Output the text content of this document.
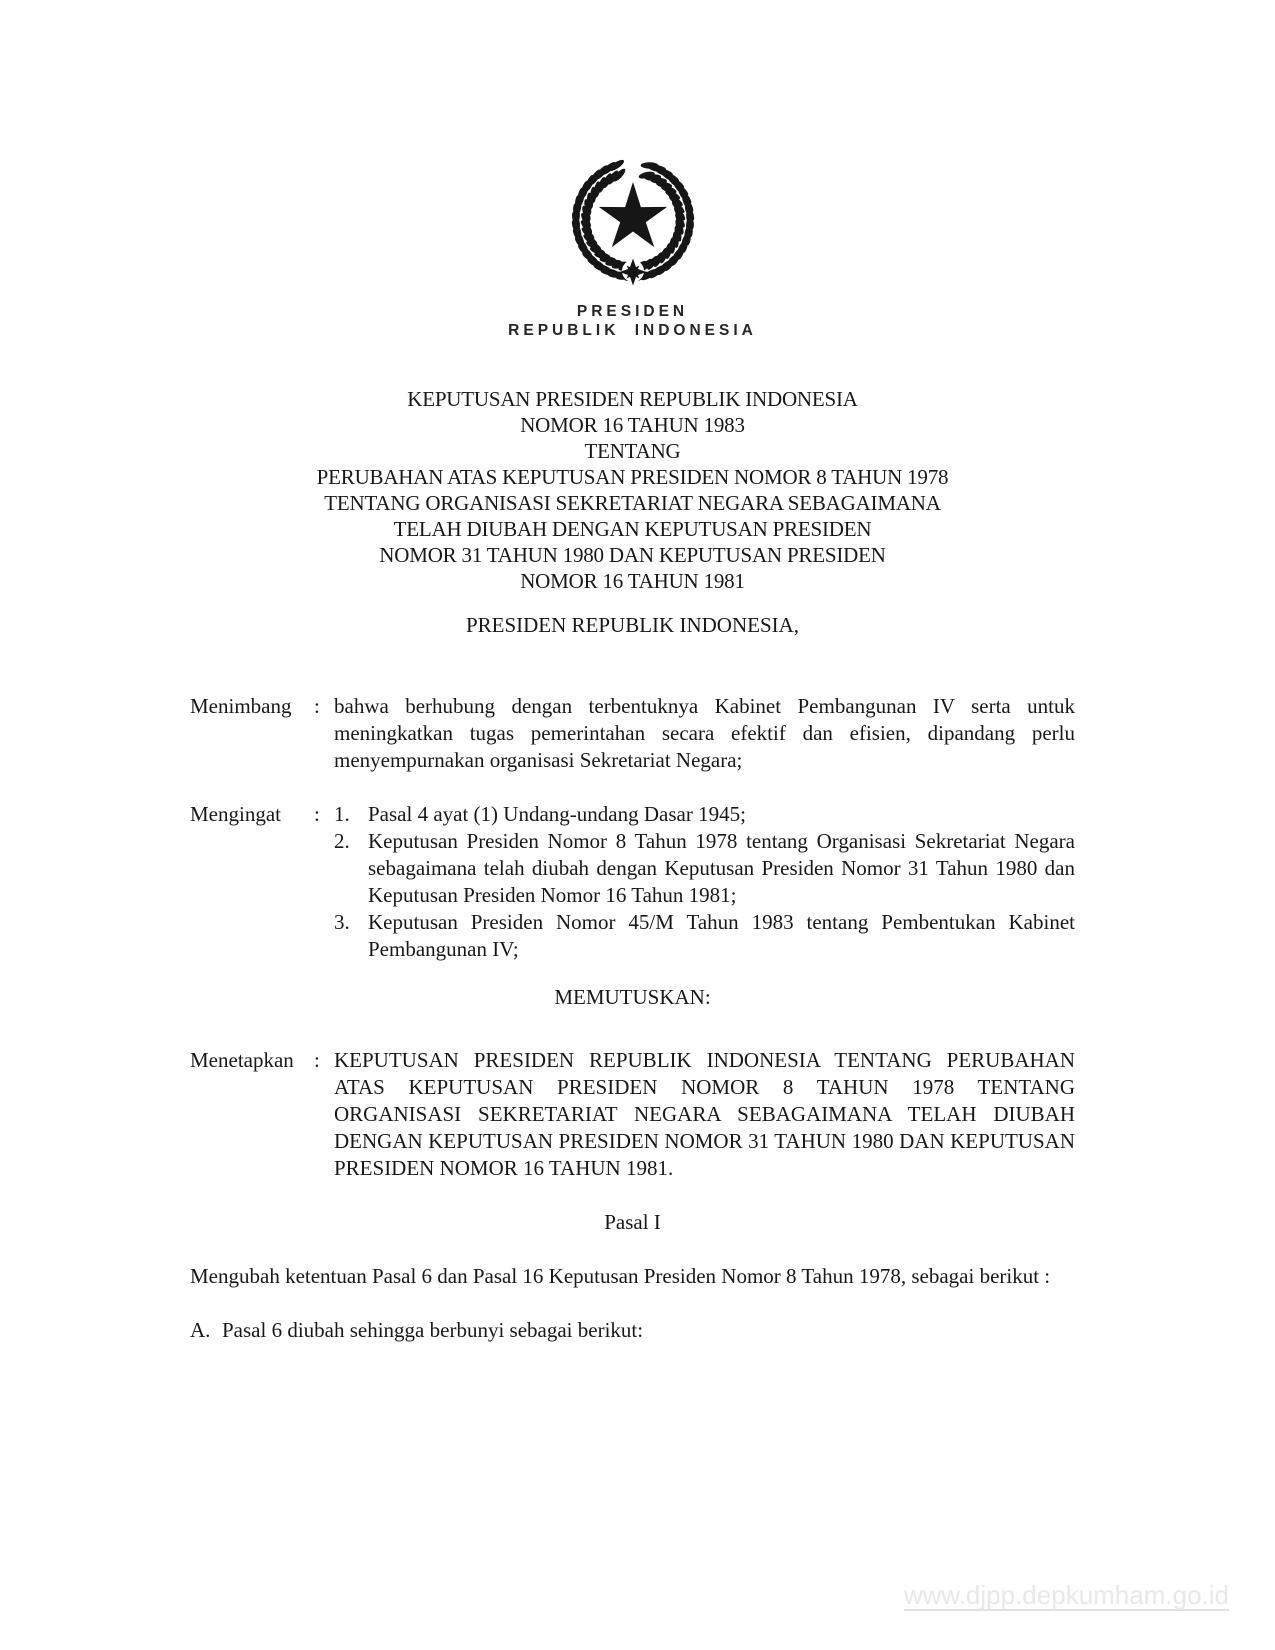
PRESIDEN
REPUBLIK INDONESIA
KEPUTUSAN PRESIDEN REPUBLIK INDONESIA
NOMOR 16 TAHUN 1983
TENTANG
PERUBAHAN ATAS KEPUTUSAN PRESIDEN NOMOR 8 TAHUN 1978
TENTANG ORGANISASI SEKRETARIAT NEGARA SEBAGAIMANA
TELAH DIUBAH DENGAN KEPUTUSAN PRESIDEN
NOMOR 31 TAHUN 1980 DAN KEPUTUSAN PRESIDEN
NOMOR 16 TAHUN 1981
PRESIDEN REPUBLIK INDONESIA,
Menimbang	: bahwa berhubung dengan terbentuknya Kabinet Pembangunan IV serta untuk meningkatkan tugas pemerintahan secara efektif dan efisien, dipandang perlu menyempurnakan organisasi Sekretariat Negara;
Mengingat	: 1. Pasal 4 ayat (1) Undang-undang Dasar 1945;
2. Keputusan Presiden Nomor 8 Tahun 1978 tentang Organisasi Sekretariat Negara sebagaimana telah diubah dengan Keputusan Presiden Nomor 31 Tahun 1980 dan Keputusan Presiden Nomor 16 Tahun 1981;
3. Keputusan Presiden Nomor 45/M Tahun 1983 tentang Pembentukan Kabinet Pembangunan IV;
MEMUTUSKAN:
Menetapkan : KEPUTUSAN PRESIDEN REPUBLIK INDONESIA TENTANG PERUBAHAN ATAS KEPUTUSAN PRESIDEN NOMOR 8 TAHUN 1978 TENTANG ORGANISASI SEKRETARIAT NEGARA SEBAGAIMANA TELAH DIUBAH DENGAN KEPUTUSAN PRESIDEN NOMOR 31 TAHUN 1980 DAN KEPUTUSAN PRESIDEN NOMOR 16 TAHUN 1981.
Pasal I
Mengubah ketentuan Pasal 6 dan Pasal 16 Keputusan Presiden Nomor 8 Tahun 1978, sebagai berikut :
A. Pasal 6 diubah sehingga berbunyi sebagai berikut:
www.djpp.depkumham.go.id
